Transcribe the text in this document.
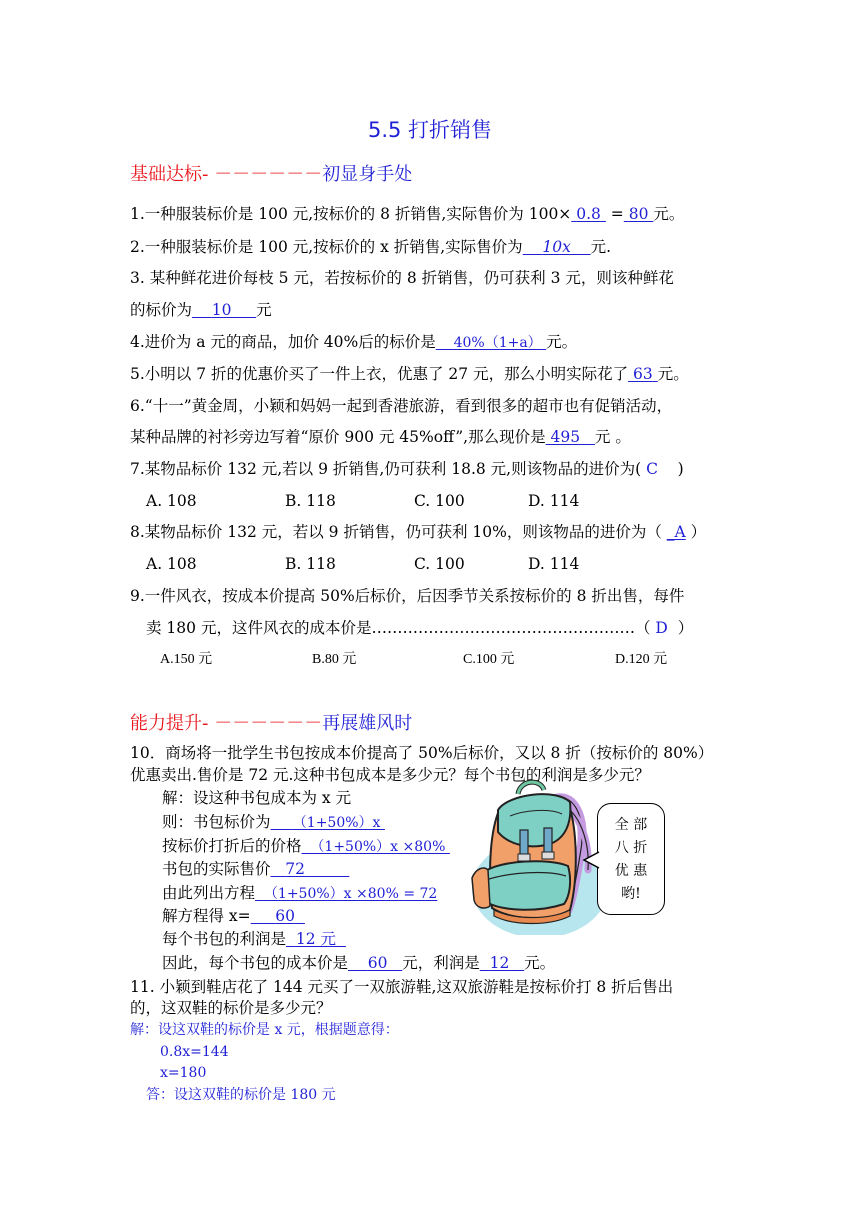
5.5 打折销售
基础达标- －－－－－－初显身手处
1.一种服装标价是 100 元,按标价的 8 折销售,实际售价为 100× 0.8  = 80 元。
2.一种服装标价是 100 元,按标价的 x 折销售,实际售价为 10x 元.
3. 某种鲜花进价每枝 5 元，若按标价的 8 折销售，仍可获利 3 元，则该种鲜花
的标价为 10 元
4.进价为 a 元的商品，加价 40%后的标价是 40%（1+a） 元。
5.小明以 7 折的优惠价买了一件上衣，优惠了 27 元，那么小明实际花了 63 元。
6.“十一”黄金周，小颖和妈妈一起到香港旅游，看到很多的超市也有促销活动，
某种品牌的衬衫旁边写着“原价 900 元 45%off”,那么现价是 495 元 。
7.某物品标价 132 元,若以 9 折销售,仍可获利 18.8 元,则该物品的进价为( C )
A. 108	B. 118	C. 100	D. 114
8.某物品标价 132 元，若以 9 折销售，仍可获利 10%，则该物品的进价为（ _A ）
A. 108	B. 118	C. 100	D. 114
9.一件风衣，按成本价提高 50%后标价，后因季节关系按标价的 8 折出售，每件
卖 180 元，这件风衣的成本价是……………………………………………（ D ）
A.150 元	B.80 元	C.100 元	D.120 元
能力提升- －－－－－－再展雄风时
10．商场将一批学生书包按成本价提高了 50%后标价，又以 8 折（按标价的 80%）
优惠卖出.售价是 72 元.这种书包成本是多少元？每个书包的利润是多少元？
解：设这种书包成本为 x 元
则：书包标价为 （1+50%）x
按标价打折后的价格 （1+50%）x ×80%
书包的实际售价 72
由此列出方程 （1+50%）x ×80% = 72
解方程得 x= 60
每个书包的利润是 12 元
因此，每个书包的成本价是 60 元，利润是 12 元。
全 部
八 折
优 惠
哟!
11. 小颖到鞋店花了 144 元买了一双旅游鞋,这双旅游鞋是按标价打 8 折后售出
的，这双鞋的标价是多少元？
解：设这双鞋的标价是 x 元，根据题意得：
0.8x=144
x=180
答：设这双鞋的标价是 180 元
